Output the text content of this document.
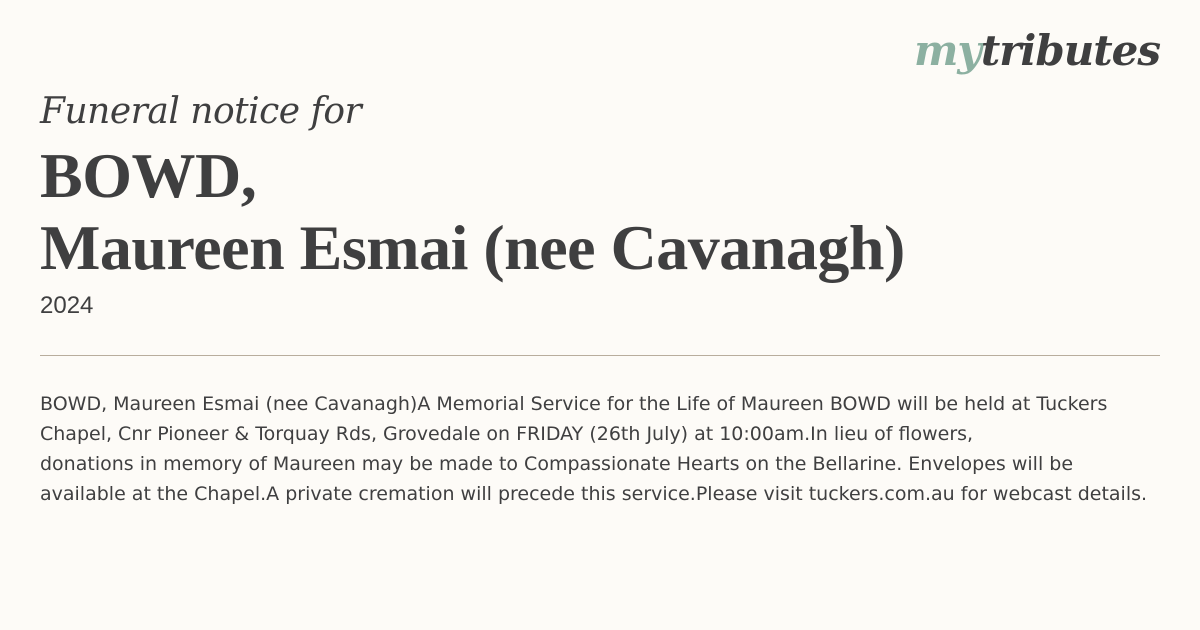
mytributes
Funeral notice for
BOWD,
Maureen Esmai (nee Cavanagh)
2024
BOWD, Maureen Esmai (nee Cavanagh)A Memorial Service for the Life of Maureen BOWD will be held at Tuckers Chapel, Cnr Pioneer & Torquay Rds, Grovedale on FRIDAY (26th July) at 10:00am.In lieu of flowers,
donations in memory of Maureen may be made to Compassionate Hearts on the Bellarine. Envelopes will be available at the Chapel.A private cremation will precede this service.Please visit tuckers.com.au for webcast details.
